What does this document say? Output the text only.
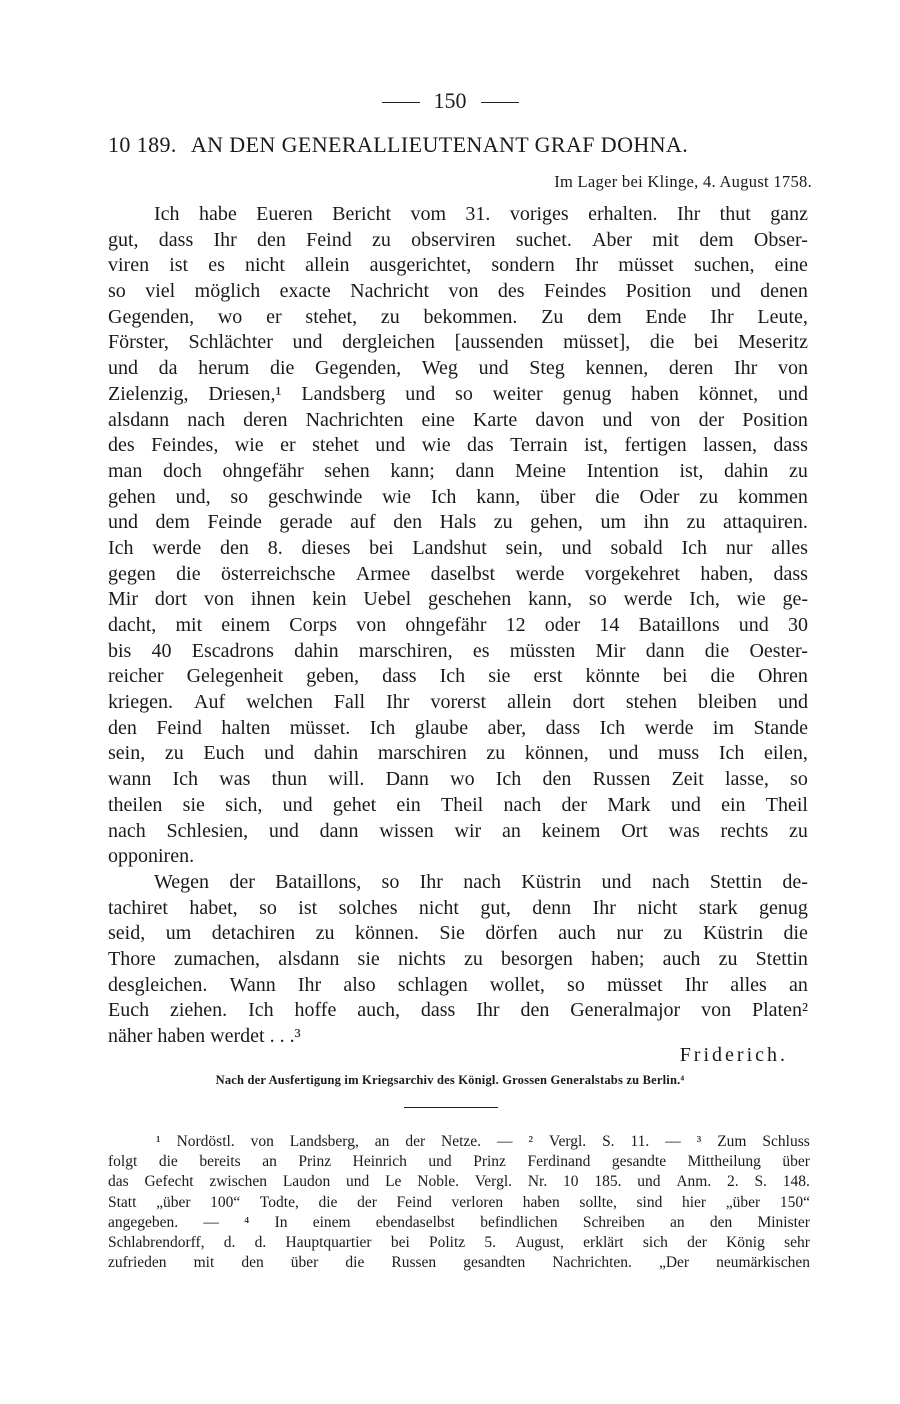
150
10 189. AN DEN GENERALLIEUTENANT GRAF DOHNA.
Im Lager bei Klinge, 4. August 1758.
Ich habe Eueren Bericht vom 31. voriges erhalten. Ihr thut ganz
gut, dass Ihr den Feind zu observiren suchet. Aber mit dem Obser-
viren ist es nicht allein ausgerichtet, sondern Ihr müsset suchen, eine
so viel möglich exacte Nachricht von des Feindes Position und denen
Gegenden, wo er stehet, zu bekommen. Zu dem Ende Ihr Leute,
Förster, Schlächter und dergleichen [aussenden müsset], die bei Meseritz
und da herum die Gegenden, Weg und Steg kennen, deren Ihr von
Zielenzig, Driesen,¹ Landsberg und so weiter genug haben könnet, und
alsdann nach deren Nachrichten eine Karte davon und von der Position
des Feindes, wie er stehet und wie das Terrain ist, fertigen lassen, dass
man doch ohngefähr sehen kann; dann Meine Intention ist, dahin zu
gehen und, so geschwinde wie Ich kann, über die Oder zu kommen
und dem Feinde gerade auf den Hals zu gehen, um ihn zu attaquiren.
Ich werde den 8. dieses bei Landshut sein, und sobald Ich nur alles
gegen die österreichsche Armee daselbst werde vorgekehret haben, dass
Mir dort von ihnen kein Uebel geschehen kann, so werde Ich, wie ge-
dacht, mit einem Corps von ohngefähr 12 oder 14 Bataillons und 30
bis 40 Escadrons dahin marschiren, es müssten Mir dann die Oester-
reicher Gelegenheit geben, dass Ich sie erst könnte bei die Ohren
kriegen. Auf welchen Fall Ihr vorerst allein dort stehen bleiben und
den Feind halten müsset. Ich glaube aber, dass Ich werde im Stande
sein, zu Euch und dahin marschiren zu können, und muss Ich eilen,
wann Ich was thun will. Dann wo Ich den Russen Zeit lasse, so
theilen sie sich, und gehet ein Theil nach der Mark und ein Theil
nach Schlesien, und dann wissen wir an keinem Ort was rechts zu
opponiren.
Wegen der Bataillons, so Ihr nach Küstrin und nach Stettin de-
tachiret habet, so ist solches nicht gut, denn Ihr nicht stark genug
seid, um detachiren zu können. Sie dörfen auch nur zu Küstrin die
Thore zumachen, alsdann sie nichts zu besorgen haben; auch zu Stettin
desgleichen. Wann Ihr also schlagen wollet, so müsset Ihr alles an
Euch ziehen. Ich hoffe auch, dass Ihr den Generalmajor von Platen²
näher haben werdet . . .³
Friderich.
Nach der Ausfertigung im Kriegsarchiv des Königl. Grossen Generalstabs zu Berlin.⁴
¹ Nordöstl. von Landsberg, an der Netze. — ² Vergl. S. 11. — ³ Zum Schluss
folgt die bereits an Prinz Heinrich und Prinz Ferdinand gesandte Mittheilung über
das Gefecht zwischen Laudon und Le Noble. Vergl. Nr. 10 185. und Anm. 2. S. 148.
Statt „über 100“ Todte, die der Feind verloren haben sollte, sind hier „über 150“
angegeben. — ⁴ In einem ebendaselbst befindlichen Schreiben an den Minister
Schlabrendorff, d. d. Hauptquartier bei Politz 5. August, erklärt sich der König sehr
zufrieden mit den über die Russen gesandten Nachrichten. „Der neumärkischen
